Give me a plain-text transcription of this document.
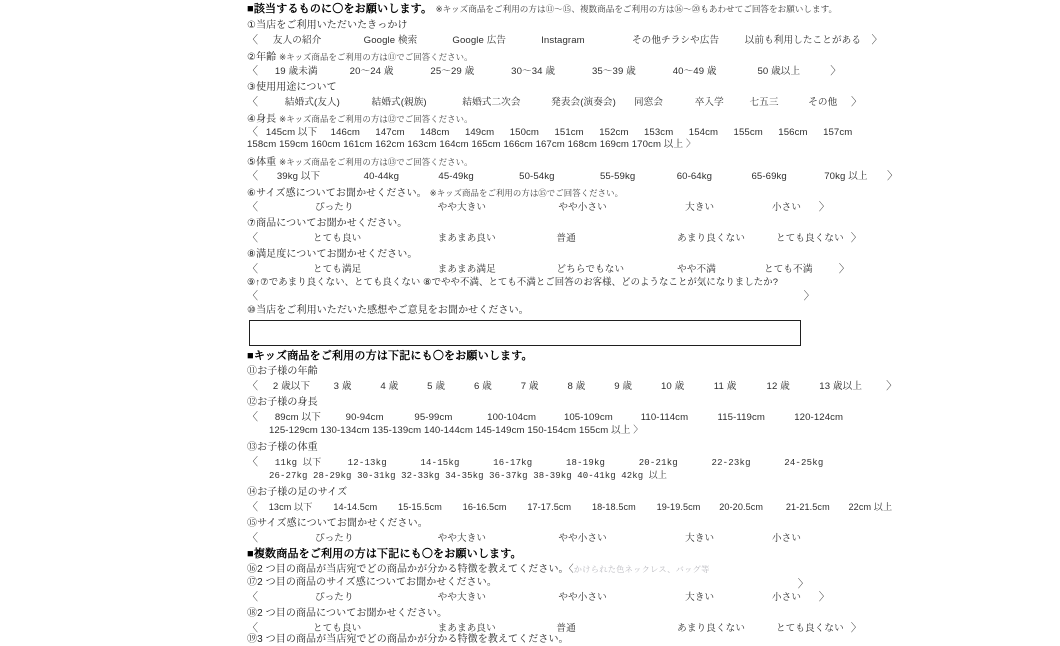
■該当するものに〇をお願いします。 ※キッズ商品をご利用の方は⑪〜⑮、複数商品をご利用の方は⑯〜⑳もあわせてご回答をお願いします。
①当店をご利用いただいたきっかけ
〈 友人の紹介	Google 検索	Google 広告	Instagram	その他チラシや広告	以前も利用したことがある 〉
②年齢 ※キッズ商品をご利用の方は⑪でご回答ください。
〈 19 歳未満	20〜24 歳	25〜29 歳	30〜34 歳	35〜39 歳	40〜49 歳	50 歳以上	〉
③使用用途について
〈	結婚式(友人)	結婚式(親族)	結婚式二次会	発表会(演奏会) 同窓会	卒入学	七五三	その他 〉
④身長 ※キッズ商品をご利用の方は⑫でご回答ください。
〈 145cm 以下 146cm 147cm 148cm 149cm 150cm 151cm 152cm 153cm 154cm 155cm 156cm 157cm
158cm 159cm 160cm 161cm 162cm 163cm 164cm 165cm 166cm 167cm 168cm 169cm 170cm 以上 〉
⑤体重 ※キッズ商品をご利用の方は⑬でご回答ください。
〈 39kg 以下	40-44kg	45-49kg	50-54kg	55-59kg	60-64kg	65-69kg	70kg 以上 〉
⑥サイズ感についてお聞かせください。 ※キッズ商品をご利用の方は⑮でご回答ください。
〈	ぴったり	やや大きい	やや小さい	大きい	小さい 〉
⑦商品についてお聞かせください。
〈	とても良い	まあまあ良い	普通	あまり良くない	とても良くない 〉
⑧満足度についてお聞かせください。
〈	とても満足	まあまあ満足	どちらでもない	やや不満	とても不満 〉
⑨↑⑦であまり良くない、とても良くない ⑧でやや不満、とても不満とご回答のお客様、どのようなことが気になりましたか?
〈	〉
⑩当店をご利用いただいた感想やご意見をお聞かせください。
■キッズ商品をご利用の方は下記にも〇をお願いします。
⑪お子様の年齢
〈 2 歳以下 3 歳	4 歳	5 歳	6 歳	7 歳	8 歳	9 歳	10 歳	11 歳	12 歳	13 歳以上 〉
⑫お子様の身長
〈 89cm 以下	90-94cm	95-99cm	100-104cm	105-109cm	110-114cm	115-119cm	120-124cm
125-129cm 130-134cm 135-139cm 140-144cm 145-149cm 150-154cm 155cm 以上 〉
⑬お子様の体重
〈 11kg 以下	12-13kg	14-15kg	16-17kg	18-19kg	20-21kg	22-23kg	24-25kg
26-27kg 28-29kg 30-31kg 32-33kg 34-35kg 36-37kg 38-39kg 40-41kg 42kg 以上
⑭お子様の足のサイズ
〈 13cm 以下 14-14.5cm 15-15.5cm 16-16.5cm 17-17.5cm 18-18.5cm 19-19.5cm 20-20.5cm	21-21.5cm 22cm 以上
⑮サイズ感についてお聞かせください。
〈	ぴったり	やや大きい	やや小さい	大きい	小さい
■複数商品をご利用の方は下記にも〇をお願いします。
⑯2 つ目の商品が当店宛でどの商品かが分かる特徴を教えてください。〈かけられた色ネックレス、バッグ等
〉
⑰2 つ目の商品のサイズ感についてお聞かせください。
〈	ぴったり	やや大きい	やや小さい	大きい	小さい 〉
⑱2 つ目の商品についてお聞かせください。
〈	とても良い	まあまあ良い	普通	あまり良くない	とても良くない 〉
⑲3 つ目の商品が当店宛でどの商品かが分かる特徴を教えてください。
